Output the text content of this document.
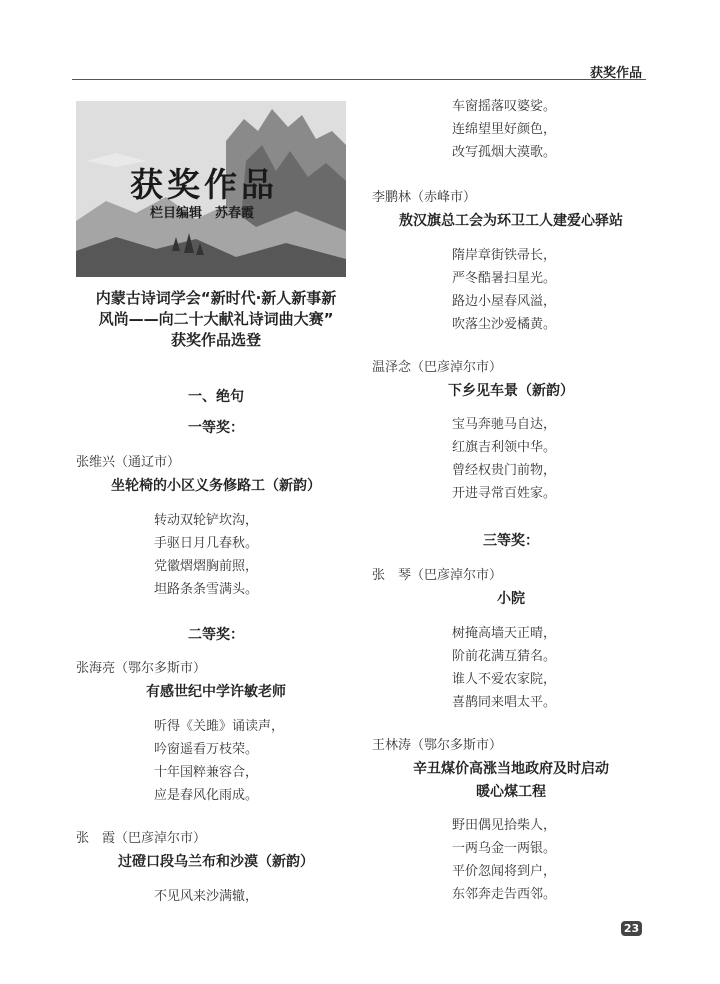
获奖作品
获奖作品
栏目编辑　苏春霞
内蒙古诗词学会“新时代·新人新事新
风尚——向二十大献礼诗词曲大赛”
获奖作品选登
一、绝句
一等奖：
张维兴（通辽市）
坐轮椅的小区义务修路工（新韵）
转动双轮铲坎沟，
手驱日月几春秋。
党徽熠熠胸前照，
坦路条条雪满头。
二等奖：
张海亮（鄂尔多斯市）
有感世纪中学许敏老师
听得《关雎》诵读声，
吟窗遥看万枝荣。
十年国粹兼容合，
应是春风化雨成。
张　霞（巴彦淖尔市）
过磴口段乌兰布和沙漠（新韵）
不见风来沙满辙，
车窗摇落叹婆娑。
连绵望里好颜色，
改写孤烟大漠歌。
李鹏林（赤峰市）
敖汉旗总工会为环卫工人建爱心驿站
隋岸章街铁帚长，
严冬酷暑扫星光。
路边小屋春风溢，
吹落尘沙爱橘黄。
温泽念（巴彦淖尔市）
下乡见车景（新韵）
宝马奔驰马自达，
红旗吉利领中华。
曾经权贵门前物，
开进寻常百姓家。
三等奖：
张　琴（巴彦淖尔市）
小院
树掩高墙天正晴，
阶前花满互猜名。
谁人不爱农家院，
喜鹊同来唱太平。
王林涛（鄂尔多斯市）
辛丑煤价高涨当地政府及时启动
暖心煤工程
野田偶见拾柴人，
一两乌金一两银。
平价忽闻将到户，
东邻奔走告西邻。
23
